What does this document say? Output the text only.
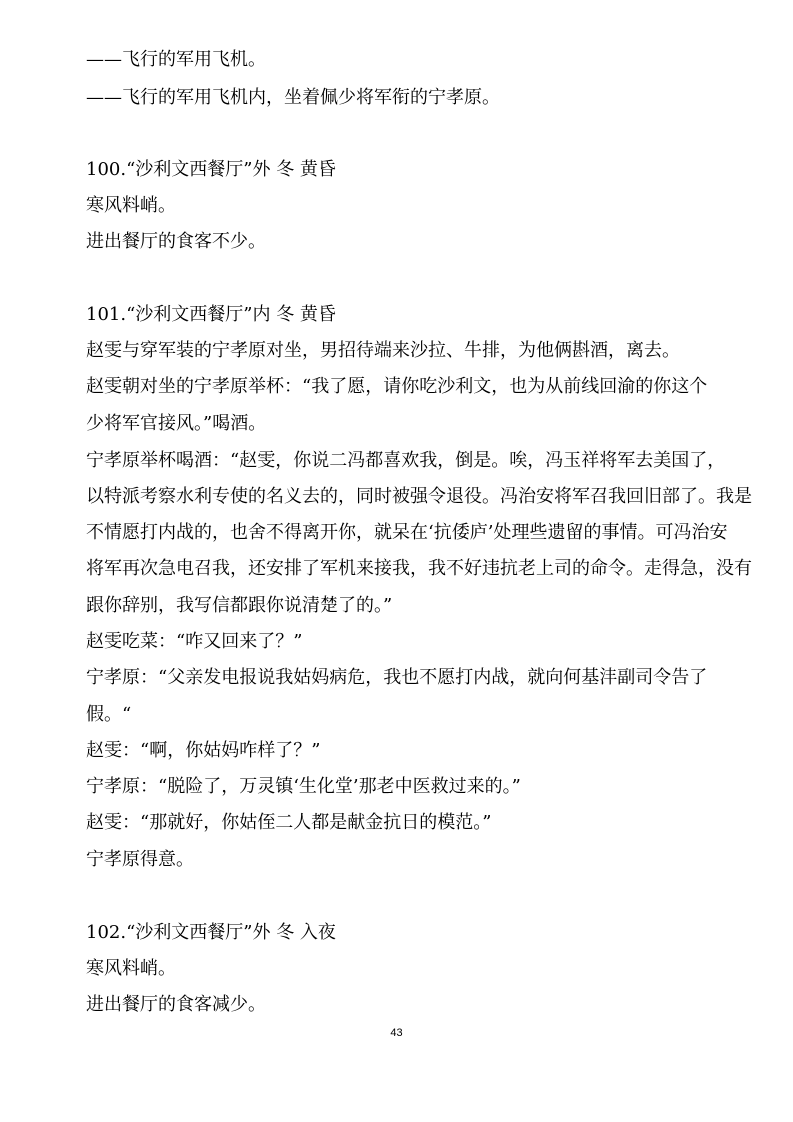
——飞行的军用飞机。
——飞行的军用飞机内，坐着佩少将军衔的宁孝原。
100.“沙利文西餐厅”外 冬 黄昏
寒风料峭。
进出餐厅的食客不少。
101.“沙利文西餐厅”内 冬 黄昏
赵雯与穿军装的宁孝原对坐，男招待端来沙拉、牛排，为他俩斟酒，离去。
赵雯朝对坐的宁孝原举杯：“我了愿，请你吃沙利文，也为从前线回渝的你这个
少将军官接风。”喝酒。
宁孝原举杯喝酒：“赵雯，你说二冯都喜欢我，倒是。唉，冯玉祥将军去美国了，
以特派考察水利专使的名义去的，同时被强令退役。冯治安将军召我回旧部了。我是
不情愿打内战的，也舍不得离开你，就呆在‘抗倭庐’处理些遗留的事情。可冯治安
将军再次急电召我，还安排了军机来接我，我不好违抗老上司的命令。走得急，没有
跟你辞别，我写信都跟你说清楚了的。”
赵雯吃菜：“咋又回来了？”
宁孝原：“父亲发电报说我姑妈病危，我也不愿打内战，就向何基沣副司令告了
假。“
赵雯：“啊，你姑妈咋样了？”
宁孝原：“脱险了，万灵镇‘生化堂’那老中医救过来的。”
赵雯：“那就好，你姑侄二人都是献金抗日的模范。”
宁孝原得意。
102.“沙利文西餐厅”外 冬 入夜
寒风料峭。
进出餐厅的食客减少。
43
